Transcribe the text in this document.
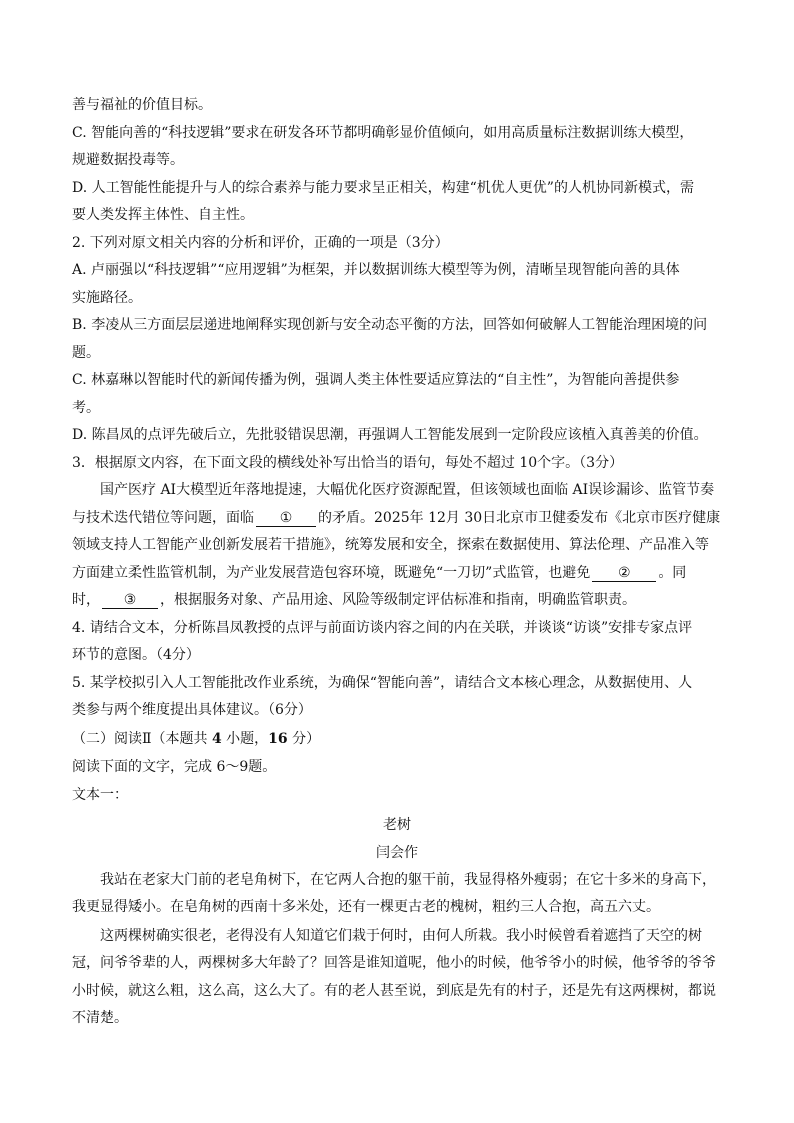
善与福祉的价值目标。
C. 智能向善的“科技逻辑”要求在研发各环节都明确彰显价值倾向，如用高质量标注数据训练大模型，
规避数据投毒等。
D. 人工智能性能提升与人的综合素养与能力要求呈正相关，构建“机优人更优”的人机协同新模式，需
要人类发挥主体性、自主性。
2. 下列对原文相关内容的分析和评价，正确的一项是（3分）
A. 卢丽强以“科技逻辑”“应用逻辑”为框架，并以数据训练大模型等为例，清晰呈现智能向善的具体
实施路径。
B. 李凌从三方面层层递进地阐释实现创新与安全动态平衡的方法，回答如何破解人工智能治理困境的问
题。
C. 林嘉琳以智能时代的新闻传播为例，强调人类主体性要适应算法的“自主性”，为智能向善提供参
考。
D. 陈昌凤的点评先破后立，先批驳错误思潮，再强调人工智能发展到一定阶段应该植入真善美的价值。
3．根据原文内容，在下面文段的横线处补写出恰当的语句，每处不超过 10个字。（3分）
国产医疗 AI大模型近年落地提速，大幅优化医疗资源配置，但该领域也面临 AI误诊漏诊、监管节奏
与技术迭代错位等问题，面临 ① 的矛盾。2025年 12月 30日北京市卫健委发布《北京市医疗健康
领域支持人工智能产业创新发展若干措施》，统筹发展和安全，探索在数据使用、算法伦理、产品准入等
方面建立柔性监管机制，为产业发展营造包容环境，既避免“一刀切”式监管，也避免 ② 。同
时， ③ ，根据服务对象、产品用途、风险等级制定评估标准和指南，明确监管职责。
4. 请结合文本，分析陈昌凤教授的点评与前面访谈内容之间的内在关联，并谈谈“访谈”安排专家点评
环节的意图。（4分）
5. 某学校拟引入人工智能批改作业系统，为确保“智能向善”，请结合文本核心理念，从数据使用、人
类参与两个维度提出具体建议。（6分）
（二）阅读Ⅱ（本题共 4 小题，16 分）
阅读下面的文字，完成 6～9题。
文本一：
老树
闫会作
我站在老家大门前的老皂角树下，在它两人合抱的躯干前，我显得格外瘦弱；在它十多米的身高下，
我更显得矮小。在皂角树的西南十多米处，还有一棵更古老的槐树，粗约三人合抱，高五六丈。
这两棵树确实很老，老得没有人知道它们栽于何时，由何人所栽。我小时候曾看着遮挡了天空的树
冠，问爷爷辈的人，两棵树多大年龄了？回答是谁知道呢，他小的时候，他爷爷小的时候，他爷爷的爷爷
小时候，就这么粗，这么高，这么大了。有的老人甚至说，到底是先有的村子，还是先有这两棵树，都说
不清楚。
